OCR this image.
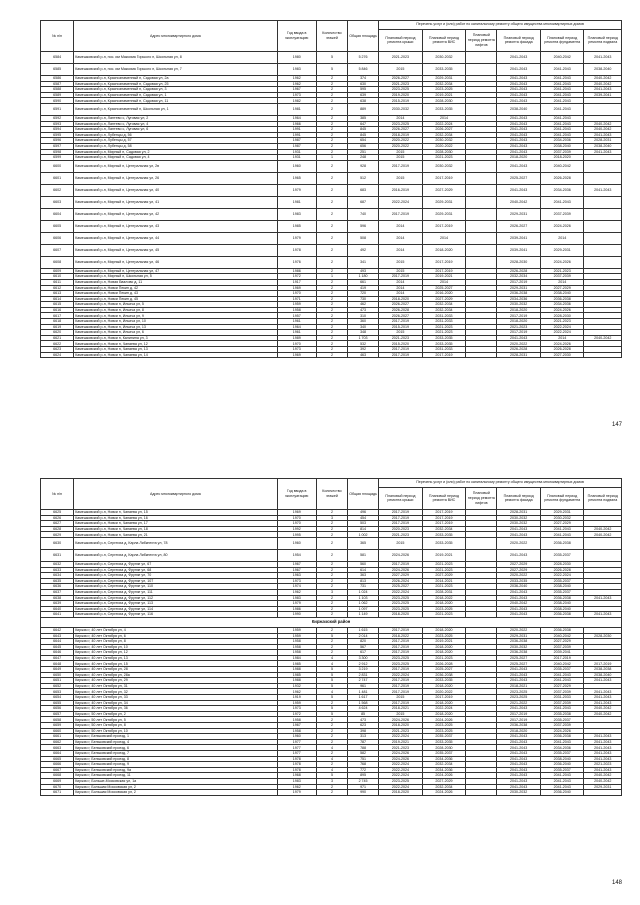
№ п/п	Адрес многоквартирного дома	Год ввода в эксплуатацию	Количество этажей	Общая площадь	Перечень услуг и (или) работ по капитальному ремонту общего имущества многоквартирных домов					
					Плановый период ремонта крыши	Плановый период ремонта ВИС	Плановый период ремонта лифтов	Плановый период ремонта фасада	Плановый период ремонта фундамента	Плановый период ремонта подвала
6584	Камешковский р-н, пос. им Максима Горького п, Школьная ул, 8	1980	5	5 276	2021-2023	2030-2032		2041-2043	2040-2042	2041-2043
6585	Камешковский р-н, пос. им Максима Горького п, Школьная ул, 7	1983	5	5 846	2015	2033-2035		2041-2043	2041-2043	2038-2040
6586	Камешковский р-н, Краснознаменный п, Садовая ул, 2а	1962	2	374	2026-2027	2029-2031		2041-2043	2041-2043	2040-2042
6587	Камешковский р-н, Краснознаменный п, Садовая ул, 25	1962	2	630	2021-2023	2032-2034		2041-2043	2041-2043	2040-2042
6588	Камешковский р-н, Краснознаменный п, Садовая ул, 3	1967	2	595	2023-2025	2023-2025		2041-2043	2041-2043	2041-2043
6589	Камешковский р-н, Краснознаменный п, Садовая ул, 1	1973	2	639	2019-2020	2019-2021		2041-2043	2041-2043	2039-2041
6590	Камешковский р-н, Краснознаменный п, Садовая ул, 11	1982	2	638	2015-2019	2028-2030		2041-2043	2041-2043	
6591	Камешковский р-н, Краснознаменный п, Школьная ул, 1	1981	2	889	2030-2032	2033-2035		2038-2040	2041-2043	
6592	Камешковский р-н, Лаптево с, Луговая ул, 2	1964	2	385	2014	2014		2041-2043	2041-2043	
6593	Камешковский р-н, Лаптево с, Луговая ул, 4	1966	2	647	2023-2025	2022-2024		2041-2043	2041-2043	2040-2042
6594	Камешковский р-н, Лаптево с, Луговая ул, 6	1991	2	845	2026-2027	2026-2027		2041-2043	2041-2043	2040-2042
6595	Камешковский р-н, Лубенцы д, 56	1991	2	845	2018-2019	2032-2034		2041-2043	2041-2043	2041-2043
6596	Камешковский р-н, Лубенцы д, 57	1987	2	654	2020-2022	2030-2032		2041-2043	2034-2036	2028-2031
6597	Камешковский р-н, Лубенцы д, 58	1987	2	656	2020-2022	2020-2022		2041-2043	2038-2040	2038-2040
6598	Камешковский р-н, Мирный п, Садовая ул, 2	1931	2	251	2015	2028-2030		2041-2043	2037-2039	2041-2043
6599	Камешковский р-н, Мирный п, Садовая ул, 4	1931	1	248	2015	2021-2023		2018-2020	2018-2020	
6600	Камешковский р-н, Мирный п, Центральная ул, 2в	1960	2	928	2017-2019	2030-2032		2041-2043	2040-2042	
6601	Камешковский р-н, Мирный п, Центральная ул, 26	1965	2	512	2015	2017-2019		2025-2027	2026-2028	
6602	Камешковский р-н, Мирный п, Центральная ул, 40	1979	2	683	2016-2019	2027-2029		2041-2043	2034-2036	2041-2043
6603	Камешковский р-н, Мирный п, Центральная ул, 41	1981	2	687	2022-2024	2029-2031		2040-2042	2041-2043	
6604	Камешковский р-н, Мирный п, Центральная ул, 42	1983	2	740	2017-2019	2029-2031		2029-2031	2037-2039	
6605	Камешковский р-н, Мирный п, Центральная ул, 43	1985	2	596	2014	2017-2019		2026-2027	2024-2026	
6606	Камешковский р-н, Мирный п, Центральная ул, 44	1979	2	508	2014	2014		2039-2041	2014	
6607	Камешковский р-н, Мирный п, Центральная ул, 45	1978	2	492	2014	2018-2020		2039-2041	2029-2031	
6608	Камешковский р-н, Мирный п, Центральная ул, 46	1976	2	341	2015	2017-2019		2028-2030	2024-2026	
6609	Камешковский р-н, Мирный п, Центральная ул, 47	1986	2	493	2015	2017-2019		2026-2028	2021-2023	
6610	Камешковский р-н, Мирный п, Школьная ул, 5	1972	1	1 180	2017-2019	2019-2021		2032-2034	2037-2039	
6611	Камешковский р-н, Новая Бвалово д, 11	1917	2	661	2014	2014		2017-2019	2014	
6612	Камешковский р-н, Новки Пекин д, 42	1969	2	419	2014	2025-2027		2029-2031	2027-2029	
6613	Камешковский р-н, Новки Пекин д, 43	1970	2	720	2014	2016-2020		2036-2038	2038-2040	
6614	Камешковский р-н, Новки Пекин д, 45	1971	2	730	2018-2020	2027-2029		2034-2036	2036-2038	
6615	Камешковский р-н, Новки п, Ильича ул, 5	1959	2	462	2026-2027	2032-2034		2030-2032	2034-2036	
6616	Камешковский р-н, Новки п, Ильича ул, 8	1958	2	473	2026-2028	2032-2034		2018-2020	2024-2026	
6617	Камешковский р-н, Новки п, Ильича ул, 9	1957	2	310	2026-2027	2031-2033		2017-2019	2028-2030	
6618	Камешковский р-н, Новки п, Ильича ул, 10	1961	2	360	2017-2019	2031-2033		2018-2020	2021-2023	
6619	Камешковский р-н, Новки п, Ильича ул, 13	1964	2	340	2015-2019	2021-2023		2021-2023	2022-2024	
6620	Камешковский р-н, Новки п, Ильича ул, 6	1961	2	348	2015	2021-2023		2017-2019	2022-2024	
6621	Камешковский р-н, Новки п, Калинина ул, 3	1989	2	1 703	2021-2023	2033-2035		2041-2043	2014	2040-2042
6622	Камешковский р-н, Новки п, Чапаева ул, 12	1970	2	532	2015-2020	2033-2035		2020-2022	2024-2026	
6623	Камешковский р-н, Новки п, Чапаева ул, 13	1973	2	392	2017-2019	2031-2033		2026-2028	2026-2028	
6624	Камешковский р-н, Новки п, Чапаева ул, 14	1969	2	463	2017-2019	2017-2019		2028-2031	2027-2030	
147
№ п/п	Адрес многоквартирного дома	Год ввода в эксплуатацию	Количество этажей	Общая площадь	Перечень услуг и (или) работ по капитальному ремонту общего имущества многоквартирных домов					
					Плановый период ремонта крыши	Плановый период ремонта ВИС	Плановый период ремонта лифтов	Плановый период ремонта фасада	Плановый период ремонта фундамента	Плановый период ремонта подвала
6625	Камешковский р-н, Новки п, Чапаева ул, 15	1969	2	496	2017-2019	2017-2019		2028-2031	2029-2031	
6626	Камешковский р-н, Новки п, Чапаева ул, 16	1970	3	454	2017-2019	2017-2019		2030-2032	2030-2032	
6627	Камешковский р-н, Новки п, Чапаева ул, 17	1970	2	503	2017-2019	2017-2019		2030-2032	2027-2029	
6628	Камешковский р-н, Новки п, Чапаева ул, 18	1992	2	814	2020-2023	2032-2034		2041-2043	2041-2043	2040-2042
6629	Камешковский р-н, Новки п, Чапаева ул, 21	1995	2	1 002	2021-2023	2033-2035		2041-2043	2041-2043	2040-2042
6630	Камешковский р-н, Сергеиха д, Карла Либкнехта ул, 78	1960	2	365	2015	2033-2035		2020-2022	2036-2038	
6631	Камешковский р-н, Сергеиха д, Карла Либкнехта ул, 80	1954	2	581	2024-2026	2019-2021		2041-2043	2035-2037	
6632	Камешковский р-н, Сергеиха д, Фрунзе ул, 67	1967	2	560	2017-2019	2021-2023		2027-2029	2028-2030	
6633	Камешковский р-н, Сергеиха д, Фрунзе ул, 68	1967	2	614	2024-2026	2021-2023		2027-2029	2026-2028	
6634	Камешковский р-н, Сергеиха д, Фрунзе ул, 70	1963	2	363	2027-2029	2027-2029		2020-2022	2022-2024	
6635	Камешковский р-н, Сергеиха д, Фрунзе ул, 107	1973	2	813	2026-2024	2014-2021		2033-2035	2035-2037	
6636	Камешковский р-н, Сергеиха д, Фрунзе ул, 110	1974	2	731	2025-2027	2021-2023		2036-2040	2038-2040	
6637	Камешковский р-н, Сергеиха д, Фрунзе ул, 111	1962	3	1 024	2022-2024	2028-2031		2041-2043	2035-2037	
6638	Камешковский р-н, Сергеиха д, Фрунзе ул, 112	1983	2	1 103	2023-2025	2018-2022		2041-2043	2036-2038	2041-2043
6639	Камешковский р-н, Сергеиха д, Фрунзе ул, 113	1979	2	1 062	2023-2025	2018-2020		2040-2042	2038-2040	
6640	Камешковский р-н, Сергеиха д, Фрунзе ул, 114	1986	2	1 097	2023-2025	2023-2025		2041-2043	2038-2040	
6641	Камешковский р-н, Сергеиха д, Фрунзе ул, 116	1990	2	1 149	2018-2020	2021-2023		2041-2043	2036-2038	2041-2043
Киржачский район										
6642	Киржач г, 40 лет Октября ул, 4	1959	2	1 615	2017-2019	2018-2020		2020-2022	2036-2038	
6643	Киржач г, 40 лет Октября ул, 6	1959	5	2 014	2018-2022	2023-2025		2029-2031	2040-2042	2028-2030
6644	Киржач г, 40 лет Октября ул, 8	1958	2	820	2017-2019	2019-2021		2036-2038	2027-2029	
6645	Киржач г, 40 лет Октября ул, 10	1958	2	567	2017-2019	2018-2020		2030-2032	2037-2039	
6646	Киржач г, 40 лет Октября ул, 12	1958	2	617	2017-2019	2018-2020		2036-2038	2039-2041	
6647	Киржач г, 40 лет Октября ул, 13	1984	4	3 300	2023-2025	2021-2023		2025-2027	2017-2019	
6648	Киржач г, 40 лет Октября ул, 15	1985	4	2 912	2023-2025	2026-2028		2025-2027	2040-2042	2017-2019
6649	Киржач г, 40 лет Октября ул, 28	1988	5	3 219	2017-2019	2025-2027		2041-2043	2035-2037	2038-2038
6650	Киржач г, 40 лет Октября ул, 28а	1985	5	2 831	2022-2024	2036-2038		2041-2043	2041-2043	2038-2040
6651	Киржач г, 40 лет Октября ул, 29	1988	5	2 747	2017-2019	2033-2035		2041-2043	2041-2043	2041-2043
6652	Киржач г, 40 лет Октября ул, 31	1932	5	961	2017-2019	2018-2020		2018-2021	2027-2029	
6653	Киржач г, 40 лет Октября ул, 32	1962	4	1 481	2017-2019	2020-2022		2023-2025	2037-2039	2041-2043
6654	Киржач г, 40 лет Октября ул, 33	1919	5	1 617	2015	2017-2019		2023-2025	2031-2033	2041-2043
6655	Киржач г, 40 лет Октября ул, 34	1959	2	1 568	2017-2019	2018-2020		2021-2022	2037-2039	2041-2043
6656	Киржач г, 40 лет Октября ул, 36	1973	5	4 624	2018-2021	2022-2024		2041-2043	2041-2043	2040-2042
6657	Киржач г, 50 лет Октября ул, 2	1972	5	85	2015	2018-2020		2017-2019	2035-2038	2040-2042
6658	Киржач г, 50 лет Октября ул, 5	1958	2	473	2024-2026	2024-2026		2017-2019	2035-2037	
6659	Киржач г, 50 лет Октября ул, 8	1967	2	623	2018-2020	2023-2025		2036-2038	2037-2039	
6660	Киржач г, 50 лет Октября ул, 10	1958	2	398	2021-2023	2023-2025		2018-2020	2024-2026	
6661	Киржач г, Бельковский проезд, 1	1960	2	313	2022-2024	2035-2037		2041-2043	2036-2038	2041-2043
6662	Киржач г, Бельковский проезд, 4	1977	2	787	2019-2021	2033-2035		2041-2043	2041-2043	2041-2043
6663	Киржач г, Бельковский проезд, 6	1977	4	788	2021-2023	2028-2030		2041-2043	2034-2036	2041-2043
6664	Киржач г, Бельковский проезд, 7	1977	2	582	2024-2026	2035-2037		2041-2043	2035-2037	2041-2043
6665	Киржач г, Бельковский проезд, 8	1978	4	751	2024-2026	2034-2036		2041-2043	2038-2040	2041-2043
6666	Киржач г, Бельковский проезд, 9	1978	2	768	2022-2024	2032-2034		2041-2043	2036-2040	2021-2023
6667	Киржач г, Бельковский проезд, 9а	1978	4	772	2022-2024	2034-2036		2041-2043	2035-2037	2041-2043
6668	Киржач г, Бельковский проезд, 11	1968	5	895	2022-2024	2024-2026		2041-2043	2041-2043	2040-2042
6669	Киржач г, Больше-Московская ул, 1а	1983	3	2 745	2023-2025	2027-2029		2041-2043	2041-2043	2040-2042
6670	Киржач г, Большая Московская ул, 2	1962	2	971	2022-2024	2032-2034		2041-2043	2041-2043	2029-2031
6671	Киржач г, Большая Московская ул, 2	1979	2	990	2018-2020	2024-2026		2030-2032	2036-2040	
148
